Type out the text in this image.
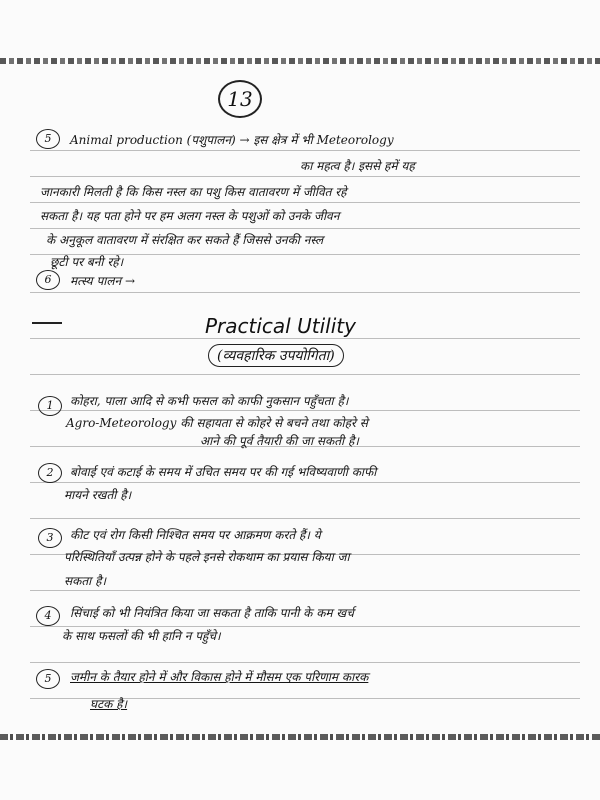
13
5	Animal production (पशुपालन) → इस क्षेत्र में भी Meteorology
का महत्व है। इससे हमें यह
जानकारी मिलती है कि किस नस्ल का पशु किस वातावरण में जीवित रहे
सकता है। यह पता होने पर हम अलग नस्ल के पशुओं को उनके जीवन
के अनुकूल वातावरण में संरक्षित कर सकते हैं जिससे उनकी नस्ल
छूटी पर बनी रहे।
6	मत्स्य पालन →
Practical Utility
(व्यवहारिक उपयोगिता)
1	कोहरा, पाला आदि से कभी फसल को काफी नुकसान पहुँचता है।
Agro-Meteorology की सहायता से कोहरे से बचने तथा कोहरे से
आने की पूर्व तैयारी की जा सकती है।
2	बोवाई एवं कटाई के समय में उचित समय पर की गई भविष्यवाणी काफी
मायने रखती है।
3	कीट एवं रोग किसी निश्चित समय पर आक्रमण करते हैं। ये
परिस्थितियाँ उत्पन्न होने के पहले इनसे रोकथाम का प्रयास किया जा
सकता है।
4	सिंचाई को भी नियंत्रित किया जा सकता है ताकि पानी के कम खर्च
के साथ फसलों की भी हानि न पहुँचे।
5	जमीन के तैयार होने में और विकास होने में मौसम एक परिणाम कारक
घटक है।
